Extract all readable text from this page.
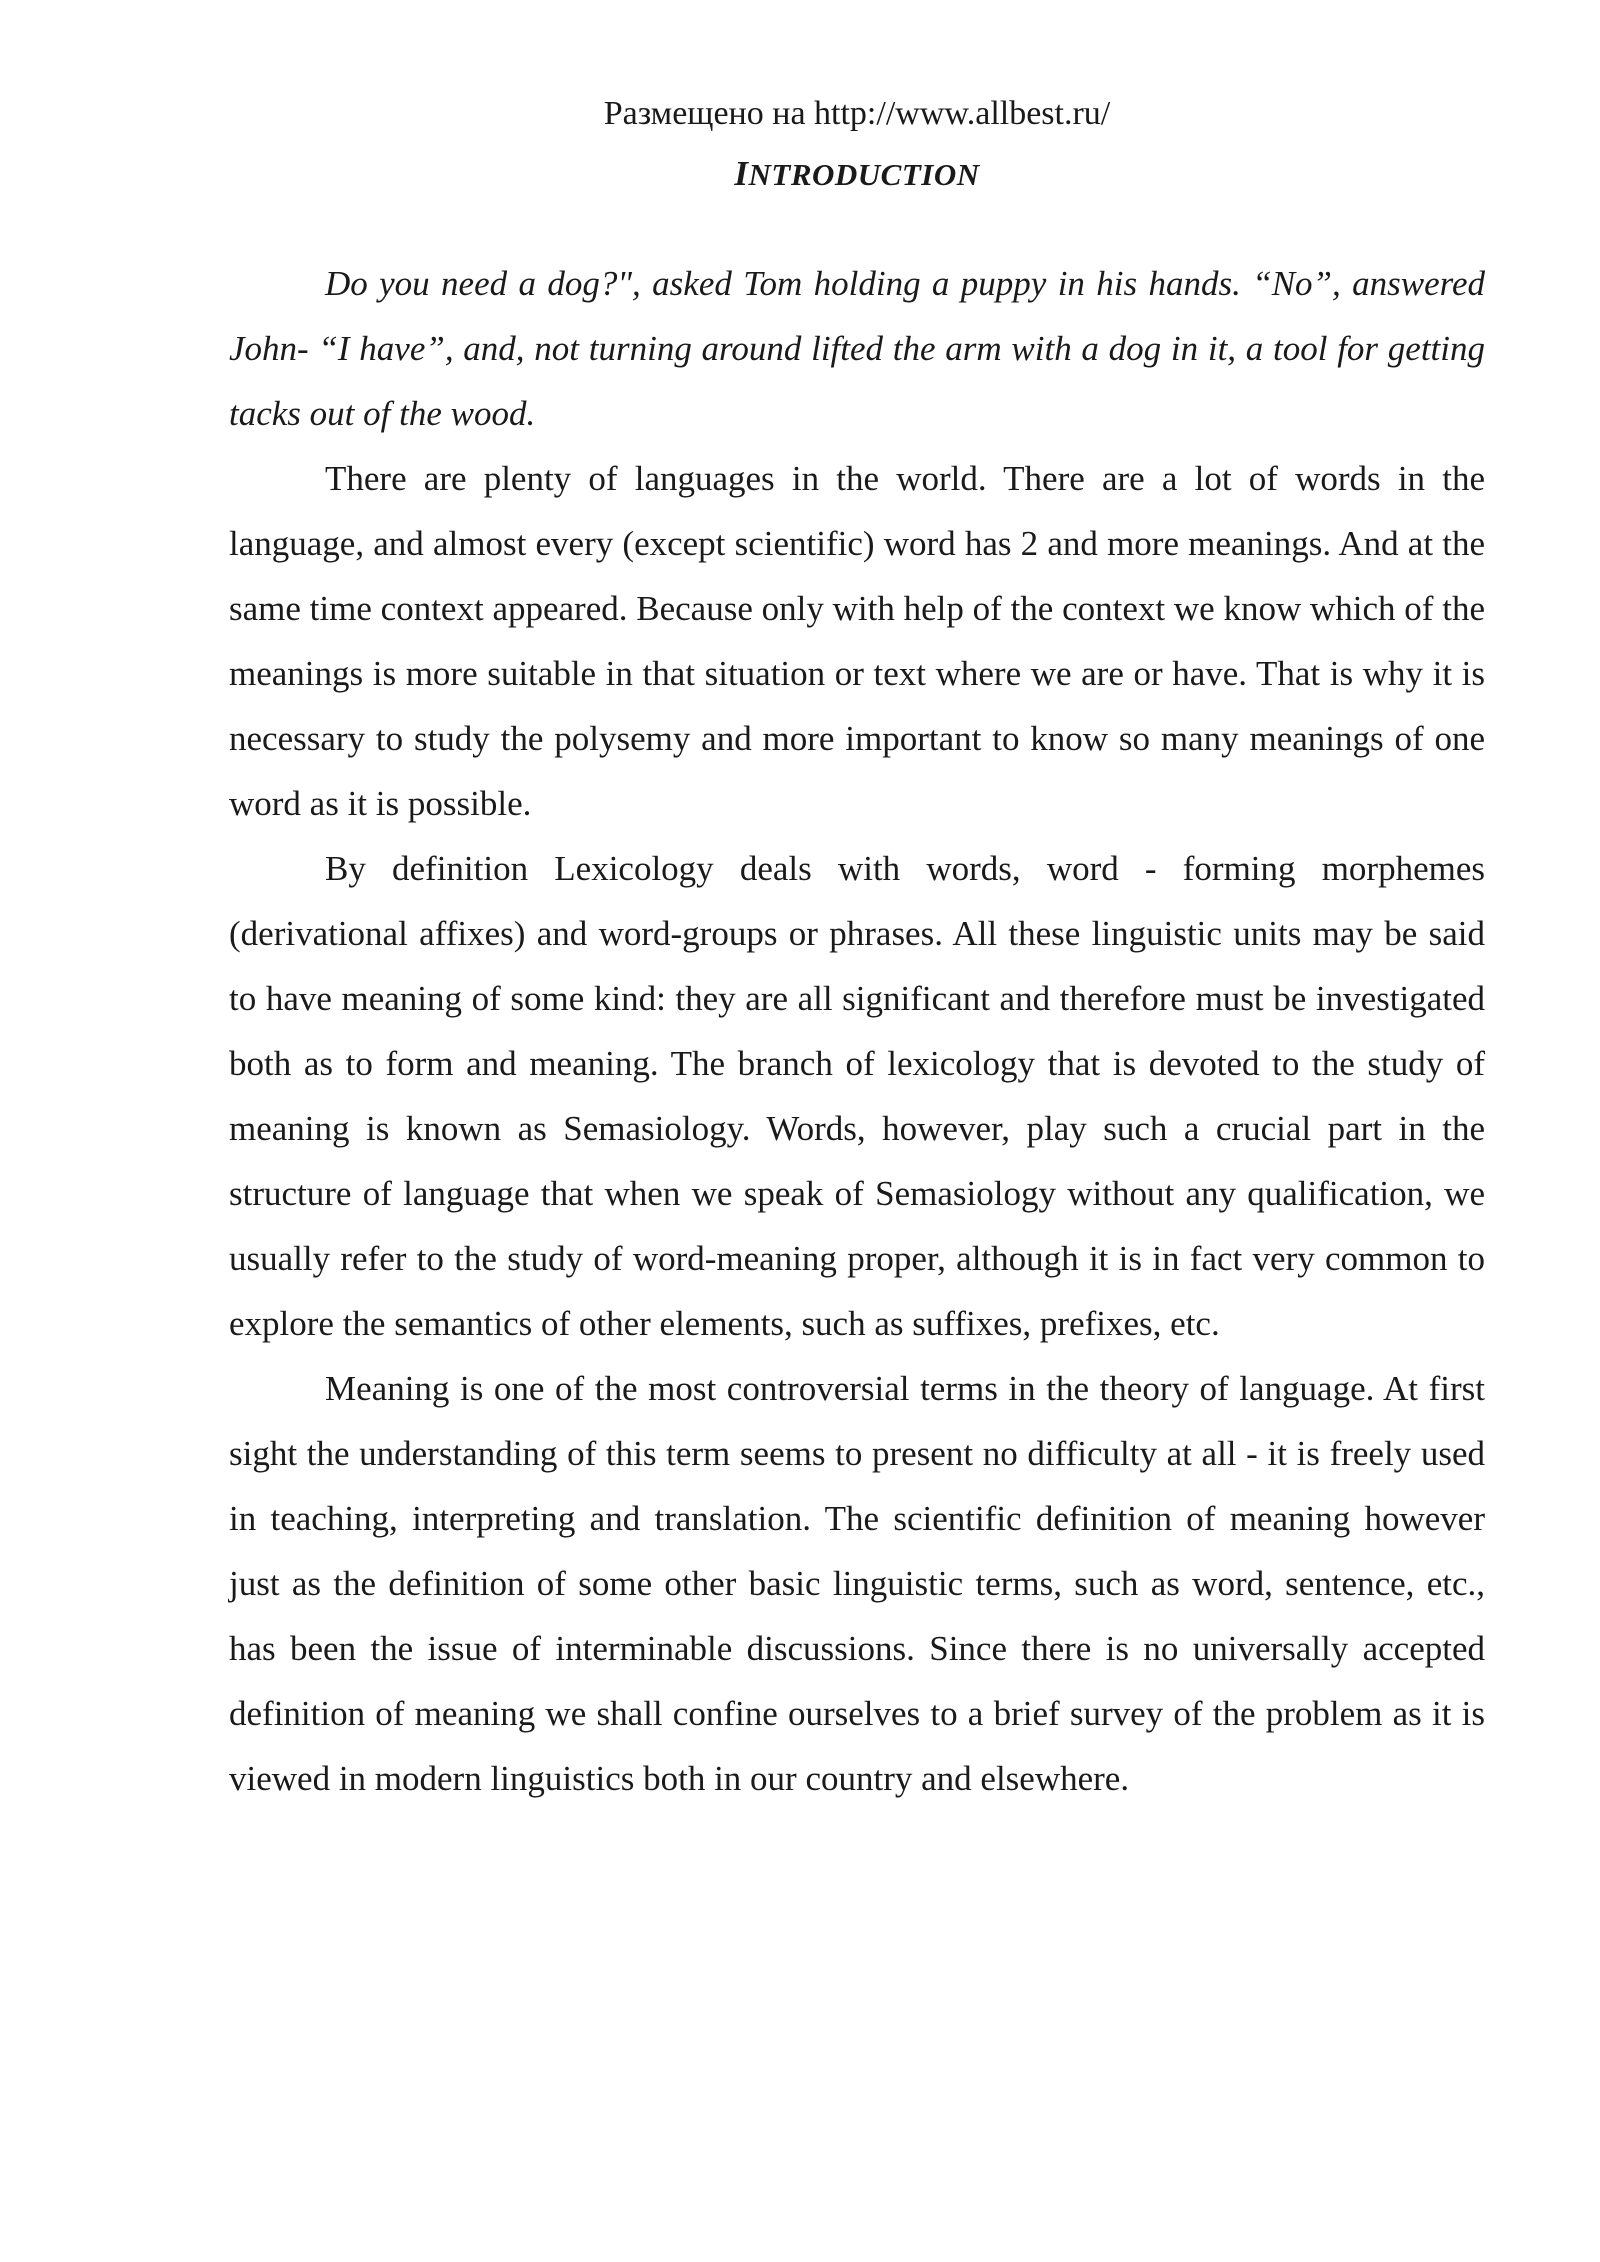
Размещено на http://www.allbest.ru/

INTRODUCTION

Do you need a dog?", asked Tom holding a puppy in his hands. “No”, answered John- “I have”, and, not turning around lifted the arm with a dog in it, a tool for getting tacks out of the wood.

There are plenty of languages in the world. There are a lot of words in the language, and almost every (except scientific) word has 2 and more meanings. And at the same time context appeared. Because only with help of the context we know which of the meanings is more suitable in that situation or text where we are or have. That is why it is necessary to study the polysemy and more important to know so many meanings of one word as it is possible.

By definition Lexicology deals with words, word - forming morphemes (derivational affixes) and word-groups or phrases. All these linguistic units may be said to have meaning of some kind: they are all significant and therefore must be investigated both as to form and meaning. The branch of lexicology that is devoted to the study of meaning is known as Semasiology. Words, however, play such a crucial part in the structure of language that when we speak of Semasiology without any qualification, we usually refer to the study of word-meaning proper, although it is in fact very common to explore the semantics of other elements, such as suffixes, prefixes, etc.

Meaning is one of the most controversial terms in the theory of language. At first sight the understanding of this term seems to present no difficulty at all - it is freely used in teaching, interpreting and translation. The scientific definition of meaning however just as the definition of some other basic linguistic terms, such as word, sentence, etc., has been the issue of interminable discussions. Since there is no universally accepted definition of meaning we shall confine ourselves to a brief survey of the problem as it is viewed in modern linguistics both in our country and elsewhere.
